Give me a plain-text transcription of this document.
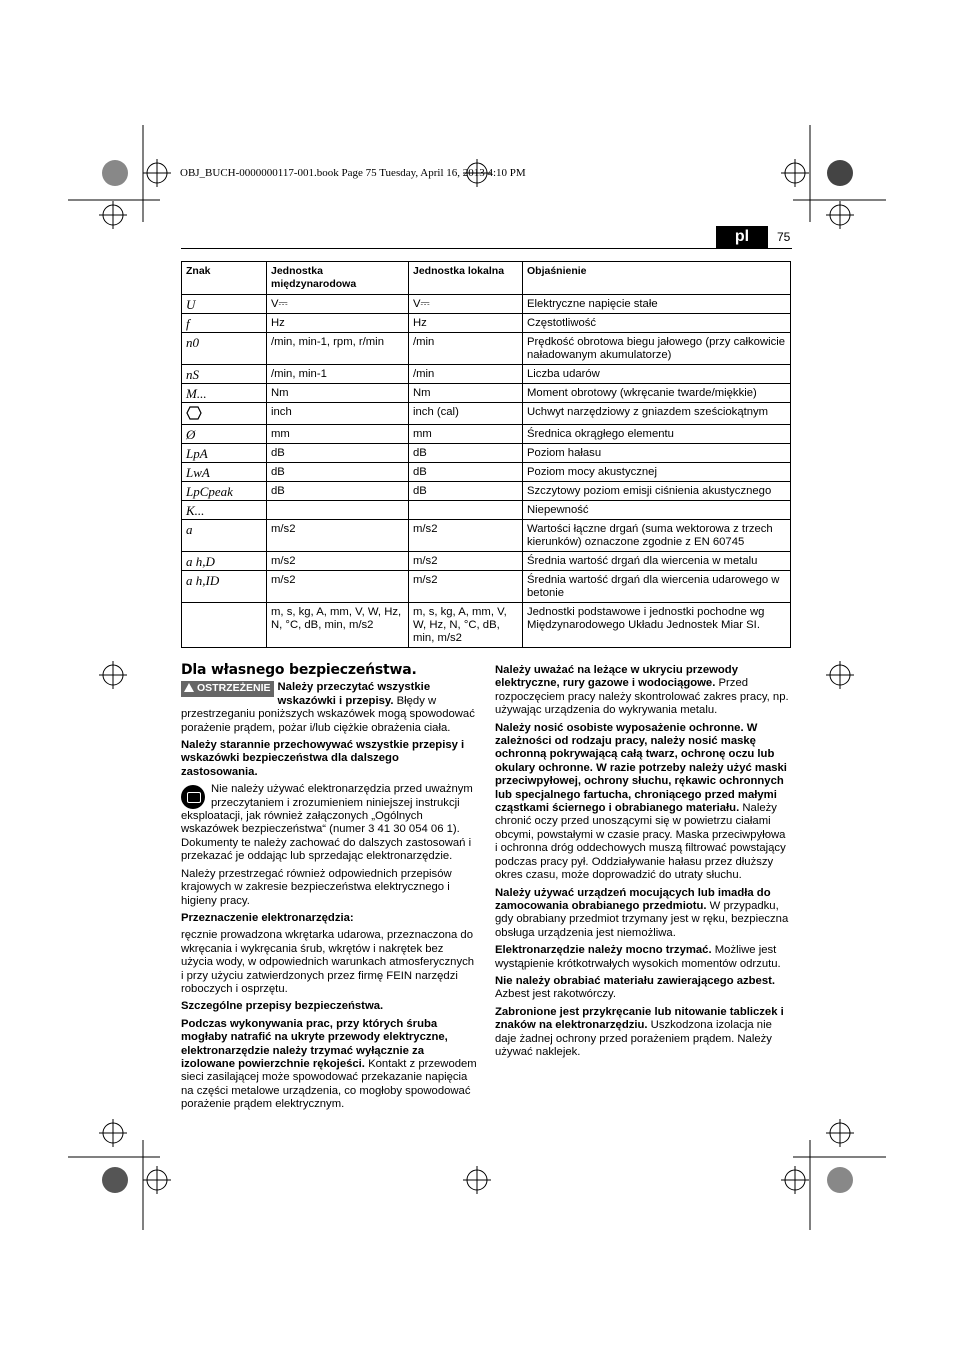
OBJ_BUCH-0000000117-001.book Page 75 Tuesday, April 16, 2013 4:10 PM
pl	75
Znak	Jednostka międzynarodowa	Jednostka lokalna	Objaśnienie
U	V⎓	V⎓	Elektryczne napięcie stałe
f	Hz	Hz	Częstotliwość
n0	/min, min-1, rpm, r/min	/min	Prędkość obrotowa biegu jałowego (przy całkowicie naładowanym akumulatorze)
nS	/min, min-1	/min	Liczba udarów
M...	Nm	Nm	Moment obrotowy (wkręcanie twarde/miękkie)
	inch	inch (cal)	Uchwyt narzędziowy z gniazdem sześciokątnym
Ø	mm	mm	Średnica okrągłego elementu
LpA	dB	dB	Poziom hałasu
LwA	dB	dB	Poziom mocy akustycznej
LpCpeak	dB	dB	Szczytowy poziom emisji ciśnienia akustycznego
K...			Niepewność
a	m/s2	m/s2	Wartości łączne drgań (suma wektorowa z trzech kierunków) oznaczone zgodnie z EN 60745
a h,D	m/s2	m/s2	Średnia wartość drgań dla wiercenia w metalu
a h,ID	m/s2	m/s2	Średnia wartość drgań dla wiercenia udarowego w betonie
	m, s, kg, A, mm, V, W, Hz, N, °C, dB, min, m/s2	m, s, kg, A, mm, V, W, Hz, N, °C, dB, min, m/s2	Jednostki podstawowe i jednostki pochodne wg Międzynarodowego Układu Jednostek Miar SI.

Dla własnego bezpieczeństwa.

OSTRZEŻENIE Należy przeczytać wszystkie wskazówki i przepisy. Błędy w przestrzeganiu poniższych wskazówek mogą spowodować porażenie prądem, pożar i/lub ciężkie obrażenia ciała.

Należy starannie przechowywać wszystkie przepisy i wskazówki bezpieczeństwa dla dalszego zastosowania.

Nie należy używać elektronarzędzia przed uważnym przeczytaniem i zrozumieniem niniejszej instrukcji eksploatacji, jak również załączonych „Ogólnych wskazówek bezpieczeństwa“ (numer 3 41 30 054 06 1). Dokumenty te należy zachować do dalszych zastosowań i przekazać je oddając lub sprzedając elektronarzędzie.

Należy przestrzegać również odpowiednich przepisów krajowych w zakresie bezpieczeństwa elektrycznego i higieny pracy.

Przeznaczenie elektronarzędzia:

ręcznie prowadzona wkrętarka udarowa, przeznaczona do wkręcania i wykręcania śrub, wkrętów i nakrętek bez użycia wody, w odpowiednich warunkach atmosferycznych i przy użyciu zatwierdzonych przez firmę FEIN narzędzi roboczych i osprzętu.

Szczególne przepisy bezpieczeństwa.

Podczas wykonywania prac, przy których śruba mogłaby natrafić na ukryte przewody elektryczne, elektronarzędzie należy trzymać wyłącznie za izolowane powierzchnie rękojeści. Kontakt z przewodem sieci zasilającej może spowodować przekazanie napięcia na części metalowe urządzenia, co mogłoby spowodować porażenie prądem elektrycznym.

Należy uważać na leżące w ukryciu przewody elektryczne, rury gazowe i wodociągowe. Przed rozpoczęciem pracy należy skontrolować zakres pracy, np. używając urządzenia do wykrywania metalu.

Należy nosić osobiste wyposażenie ochronne. W zależności od rodzaju pracy, należy nosić maskę ochronną pokrywającą całą twarz, ochronę oczu lub okulary ochronne. W razie potrzeby należy użyć maski przeciwpyłowej, ochrony słuchu, rękawic ochronnych lub specjalnego fartucha, chroniącego przed małymi cząstkami ściernego i obrabianego materiału. Należy chronić oczy przed unoszącymi się w powietrzu ciałami obcymi, powstałymi w czasie pracy. Maska przeciwpyłowa i ochronna dróg oddechowych muszą filtrować powstający podczas pracy pył. Oddziaływanie hałasu przez dłuższy okres czasu, może doprowadzić do utraty słuchu.

Należy używać urządzeń mocujących lub imadła do zamocowania obrabianego przedmiotu. W przypadku, gdy obrabiany przedmiot trzymany jest w ręku, bezpieczna obsługa urządzenia jest niemożliwa.

Elektronarzędzie należy mocno trzymać. Możliwe jest wystąpienie krótkotrwałych wysokich momentów odrzutu.

Nie należy obrabiać materiału zawierającego azbest. Azbest jest rakotwórczy.

Zabronione jest przykręcanie lub nitowanie tabliczek i znaków na elektronarzędziu. Uszkodzona izolacja nie daje żadnej ochrony przed porażeniem prądem. Należy używać naklejek.
